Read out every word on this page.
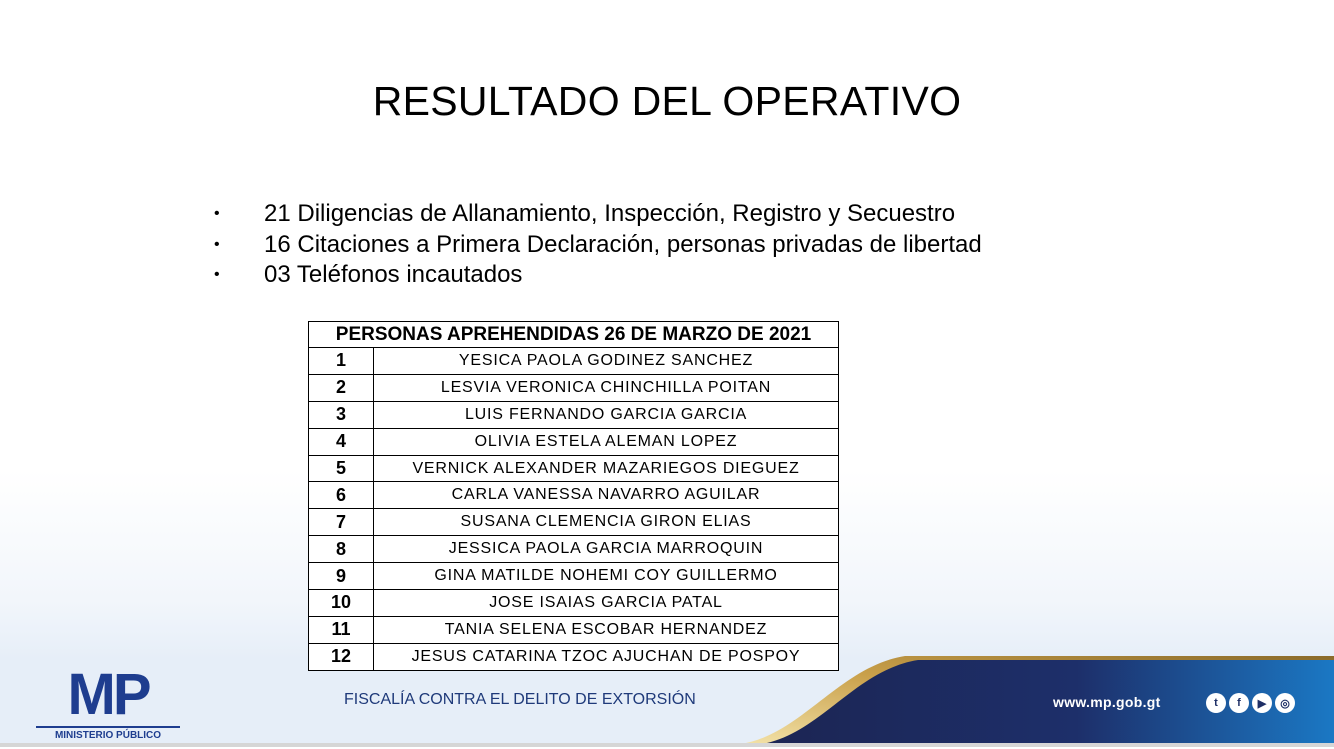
RESULTADO DEL OPERATIVO
•	21 Diligencias de Allanamiento, Inspección, Registro y Secuestro
•	16 Citaciones a Primera Declaración, personas privadas de libertad
•	03 Teléfonos incautados
PERSONAS APREHENDIDAS 26 DE MARZO DE 2021	
1	YESICA PAOLA GODINEZ SANCHEZ
2	LESVIA VERONICA CHINCHILLA POITAN
3	LUIS FERNANDO GARCIA GARCIA
4	OLIVIA ESTELA ALEMAN LOPEZ
5	VERNICK ALEXANDER MAZARIEGOS DIEGUEZ
6	CARLA VANESSA NAVARRO AGUILAR
7	SUSANA CLEMENCIA GIRON ELIAS
8	JESSICA PAOLA GARCIA MARROQUIN
9	GINA MATILDE NOHEMI COY GUILLERMO
10	JOSE ISAIAS GARCIA PATAL
11	TANIA SELENA ESCOBAR HERNANDEZ
12	JESUS CATARINA TZOC AJUCHAN DE POSPOY
MP
MINISTERIO PÚBLICO
FISCALÍA CONTRA EL DELITO DE EXTORSIÓN	www.mp.gob.gt	t	f	▶	◎
